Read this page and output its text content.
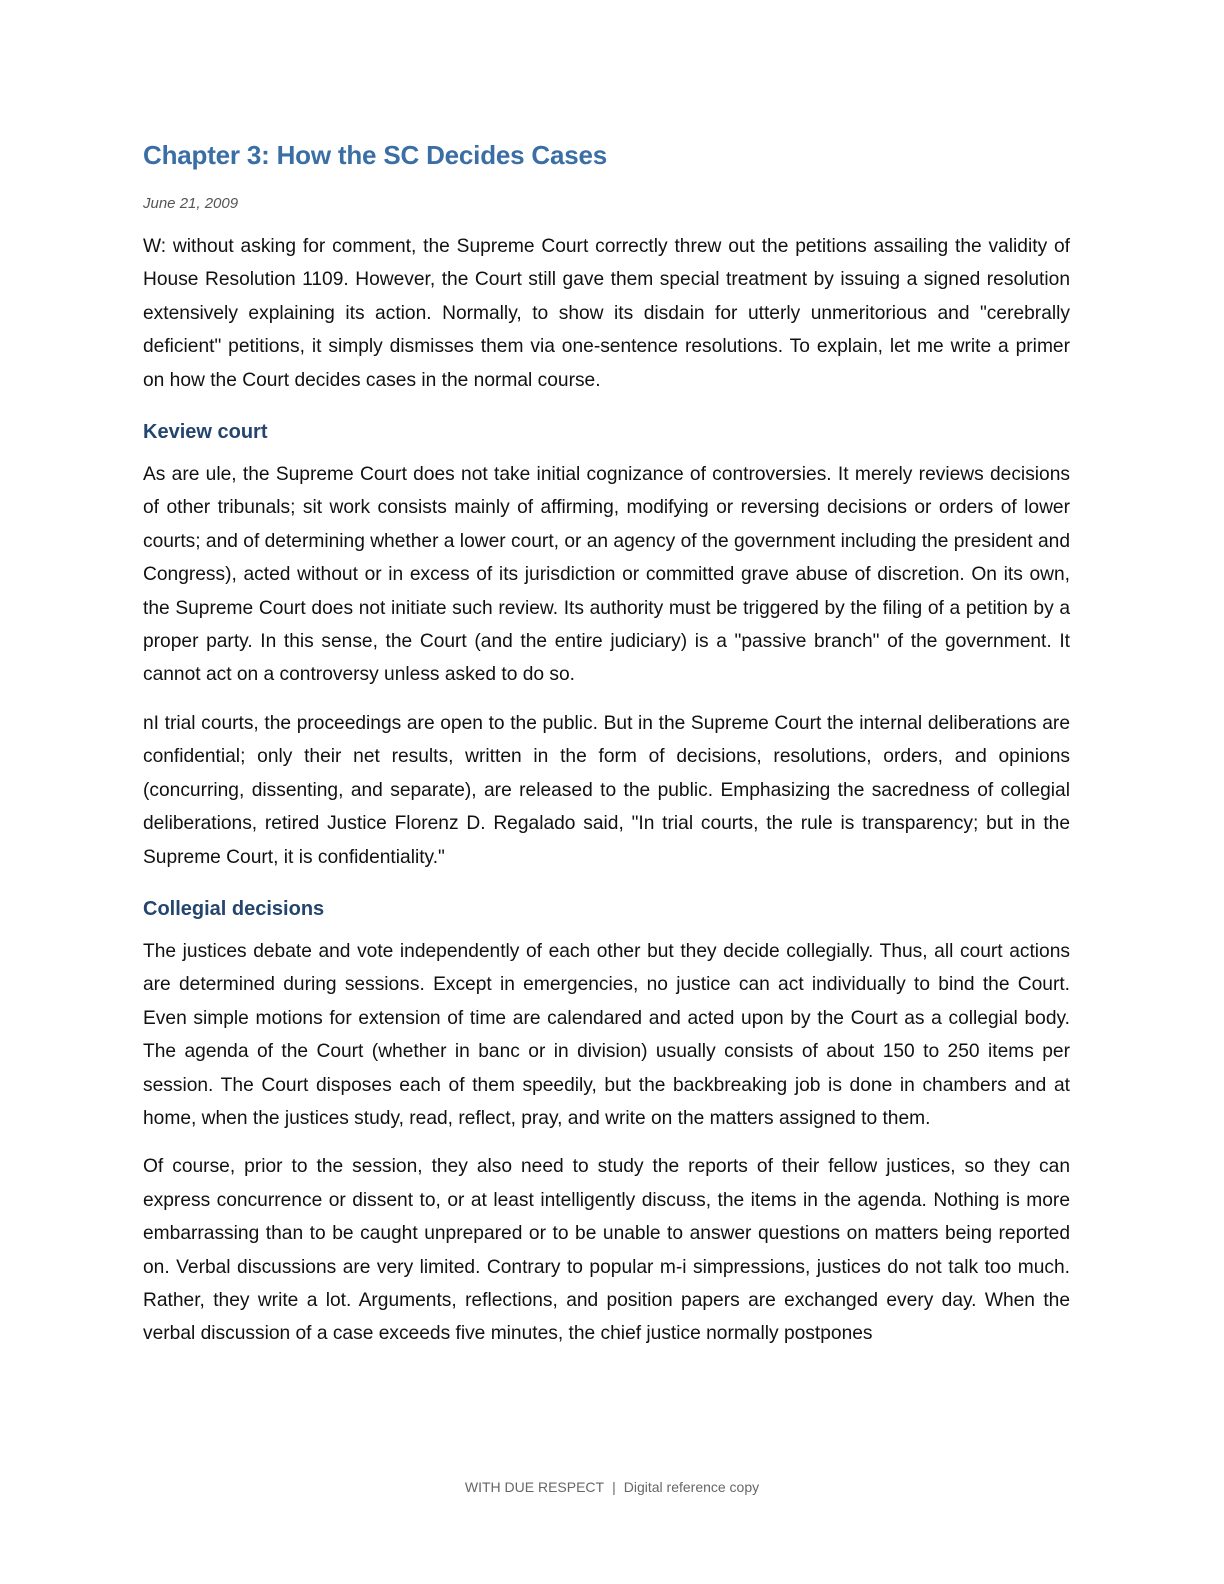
Chapter 3: How the SC Decides Cases
June 21, 2009

W: without asking for comment, the Supreme Court correctly threw out the petitions assailing the validity of House Resolution 1109. However, the Court still gave them special treatment by issuing a signed resolution extensively explaining its action. Normally, to show its disdain for utterly unmeritorious and "cerebrally deficient" petitions, it simply dismisses them via one-sentence resolutions. To explain, let me write a primer on how the Court decides cases in the normal course.

Keview court

As are ule, the Supreme Court does not take initial cognizance of controversies. It merely reviews decisions of other tribunals; sit work consists mainly of affirming, modifying or reversing decisions or orders of lower courts; and of determining whether a lower court, or an agency of the government including the president and Congress), acted without or in excess of its jurisdiction or committed grave abuse of discretion. On its own, the Supreme Court does not initiate such review. Its authority must be triggered by the filing of a petition by a proper party. In this sense, the Court (and the entire judiciary) is a "passive branch" of the government. It cannot act on a controversy unless asked to do so.

nI trial courts, the proceedings are open to the public. But in the Supreme Court the internal deliberations are confidential; only their net results, written in the form of decisions, resolutions, orders, and opinions (concurring, dissenting, and separate), are released to the public. Emphasizing the sacredness of collegial deliberations, retired Justice Florenz D. Regalado said, "In trial courts, the rule is transparency; but in the Supreme Court, it is confidentiality."

Collegial decisions

The justices debate and vote independently of each other but they decide collegially. Thus, all court actions are determined during sessions. Except in emergencies, no justice can act individually to bind the Court. Even simple motions for extension of time are calendared and acted upon by the Court as a collegial body. The agenda of the Court (whether in banc or in division) usually consists of about 150 to 250 items per session. The Court disposes each of them speedily, but the backbreaking job is done in chambers and at home, when the justices study, read, reflect, pray, and write on the matters assigned to them.

Of course, prior to the session, they also need to study the reports of their fellow justices, so they can express concurrence or dissent to, or at least intelligently discuss, the items in the agenda. Nothing is more embarrassing than to be caught unprepared or to be unable to answer questions on matters being reported on. Verbal discussions are very limited. Contrary to popular m-i simpressions, justices do not talk too much. Rather, they write a lot. Arguments, reflections, and position papers are exchanged every day. When the verbal discussion of a case exceeds five minutes, the chief justice normally postpones

WITH DUE RESPECT | Digital reference copy
